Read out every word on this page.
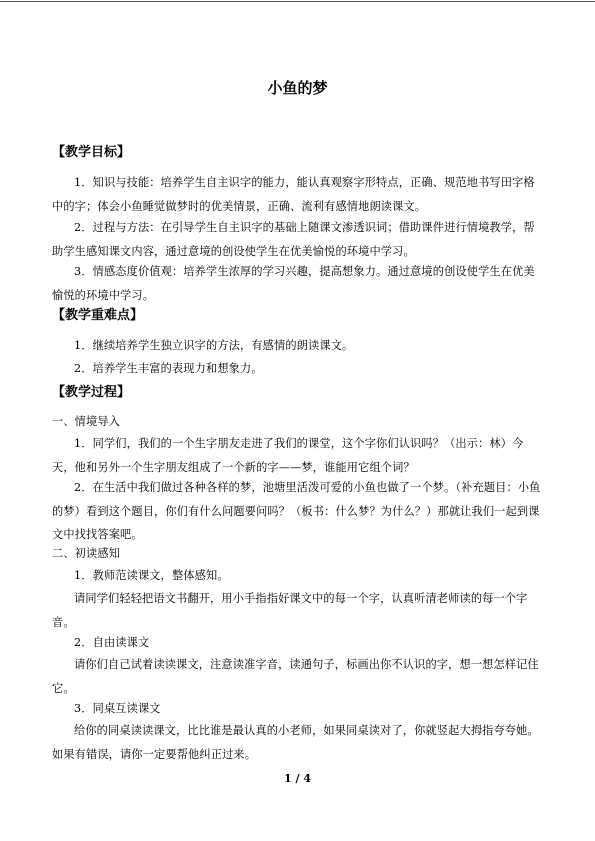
小鱼的梦
【教学目标】
1．知识与技能：培养学生自主识字的能力，能认真观察字形特点，正确、规范地书写田字格中的字；体会小鱼睡觉做梦时的优美情景，正确、流利有感情地朗读课文。
2．过程与方法：在引导学生自主识字的基础上随课文渗透识词；借助课件进行情境教学，帮助学生感知课文内容，通过意境的创设使学生在优美愉悦的环境中学习。
3．情感态度价值观：培养学生浓厚的学习兴趣，提高想象力。通过意境的创设使学生在优美愉悦的环境中学习。
【教学重难点】
1．继续培养学生独立识字的方法，有感情的朗读课文。
2．培养学生丰富的表现力和想象力。
【教学过程】
一、情境导入
1．同学们，我们的一个生字朋友走进了我们的课堂，这个字你们认识吗？（出示：林）今天，他和另外一个生字朋友组成了一个新的字——梦，谁能用它组个词？
2．在生活中我们做过各种各样的梦，池塘里活泼可爱的小鱼也做了一个梦。（补充题目：小鱼的梦）看到这个题目，你们有什么问题要问吗？（板书：什么梦？为什么？）那就让我们一起到课文中找找答案吧。
二、初读感知
1．教师范读课文，整体感知。
请同学们轻轻把语文书翻开，用小手指指好课文中的每一个字，认真听清老师读的每一个字音。
2．自由读课文
请你们自己试着读读课文，注意读准字音，读通句子，标画出你不认识的字，想一想怎样记住它。
3．同桌互读课文
给你的同桌读读课文，比比谁是最认真的小老师，如果同桌读对了，你就竖起大拇指夸夸她。如果有错误，请你一定要帮他纠正过来。
1 / 4
